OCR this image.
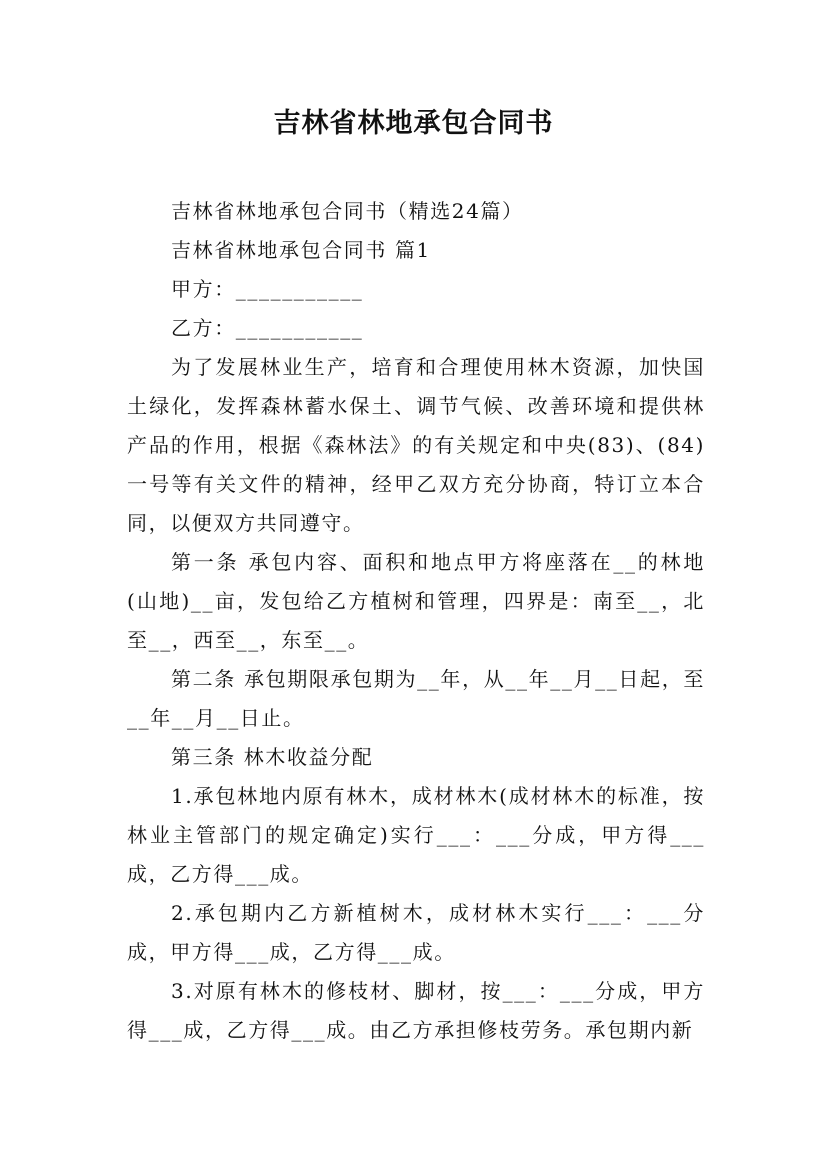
吉林省林地承包合同书

吉林省林地承包合同书（精选24篇）

吉林省林地承包合同书 篇1

甲方：___________

乙方：___________

为了发展林业生产，培育和合理使用林木资源，加快国土绿化，发挥森林蓄水保土、调节气候、改善环境和提供林产品的作用，根据《森林法》的有关规定和中央(83)、(84)一号等有关文件的精神，经甲乙双方充分协商，特订立本合同，以便双方共同遵守。

第一条 承包内容、面积和地点甲方将座落在__的林地(山地)__亩，发包给乙方植树和管理，四界是：南至__，北至__，西至__，东至__。

第二条 承包期限承包期为__年，从__年__月__日起，至__年__月__日止。

第三条 林木收益分配

1.承包林地内原有林木，成材林木(成材林木的标准，按林业主管部门的规定确定)实行___：___分成，甲方得___成，乙方得___成。

2.承包期内乙方新植树木，成材林木实行___：___分成，甲方得___成，乙方得___成。

3.对原有林木的修枝材、脚材，按___：___分成，甲方得___成，乙方得___成。由乙方承担修枝劳务。承包期内新
